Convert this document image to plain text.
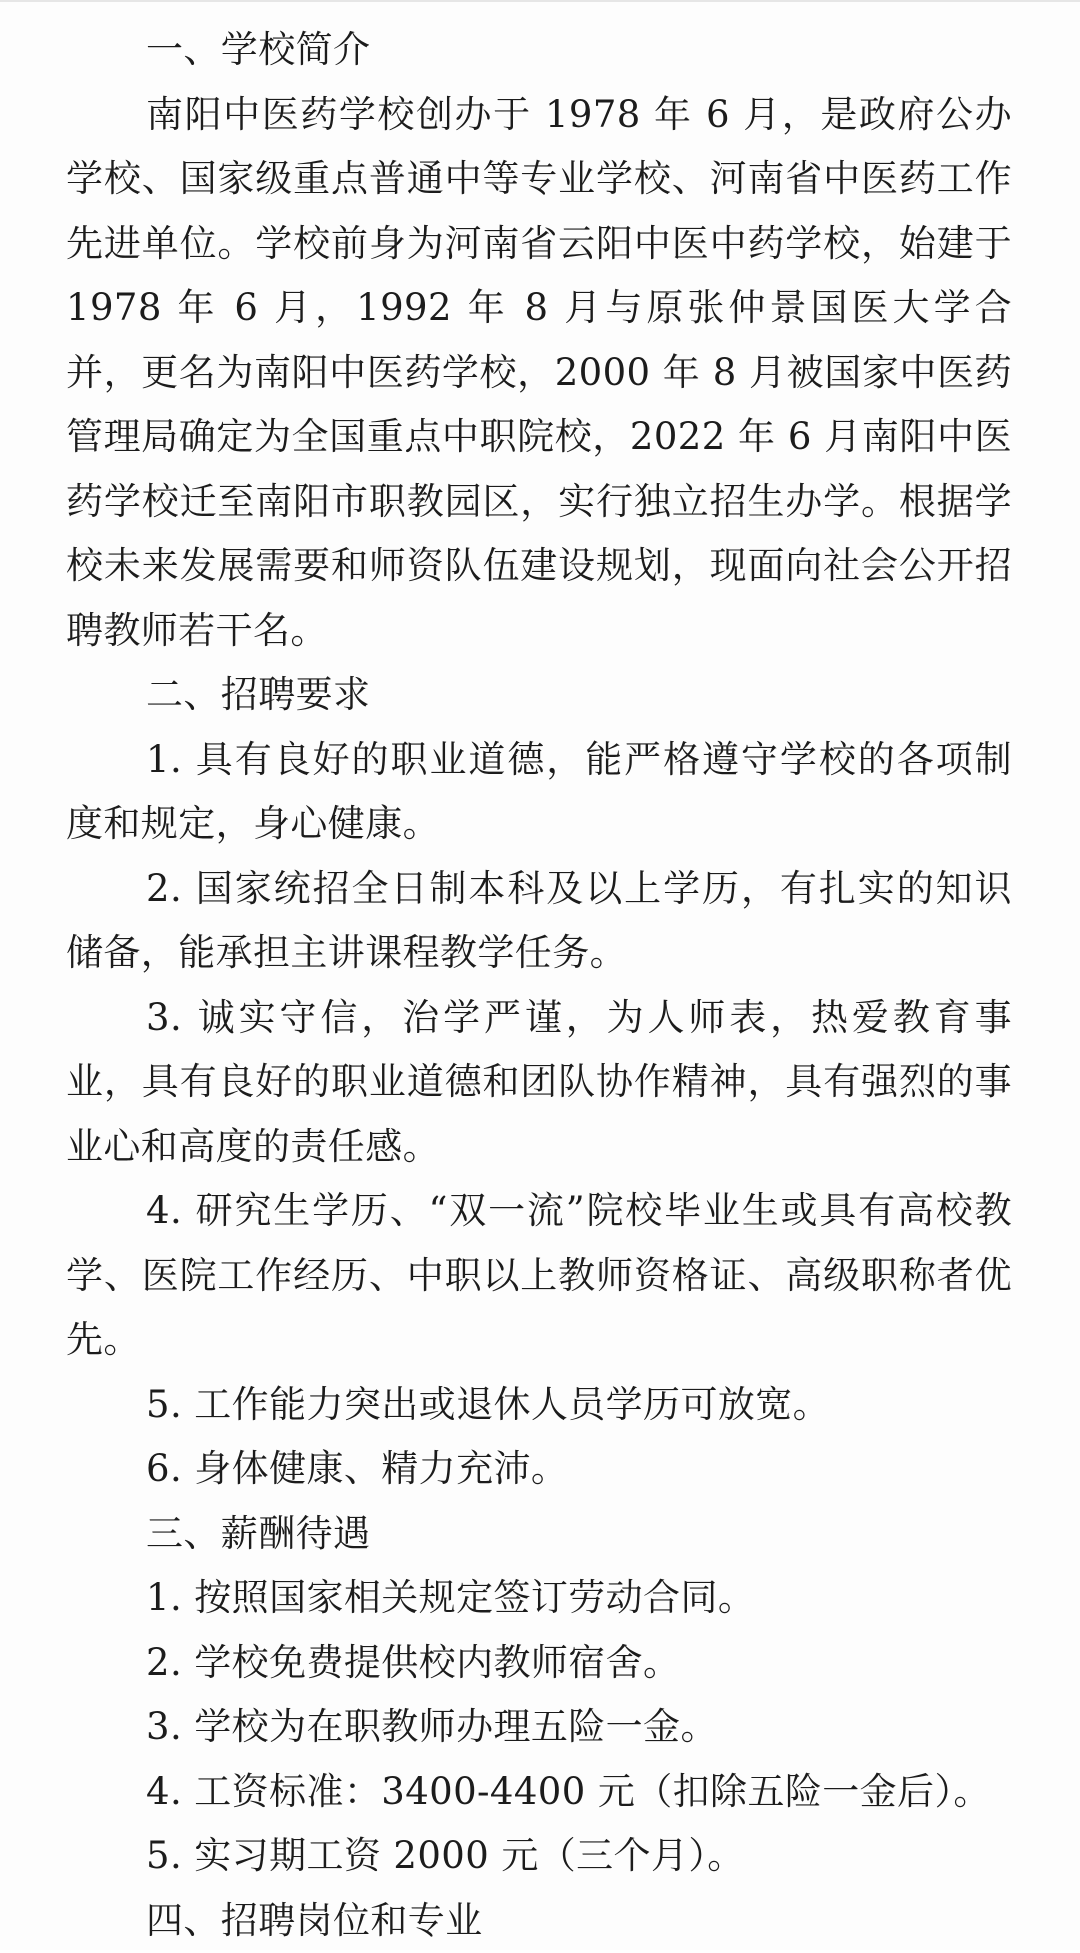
一、学校简介

南阳中医药学校创办于 1978 年 6 月，是政府公办学校、国家级重点普通中等专业学校、河南省中医药工作先进单位。学校前身为河南省云阳中医中药学校，始建于 1978 年 6 月，1992 年 8 月与原张仲景国医大学合并，更名为南阳中医药学校，2000 年 8 月被国家中医药管理局确定为全国重点中职院校，2022 年 6 月南阳中医药学校迁至南阳市职教园区，实行独立招生办学。根据学校未来发展需要和师资队伍建设规划，现面向社会公开招聘教师若干名。

二、招聘要求

1. 具有良好的职业道德，能严格遵守学校的各项制度和规定，身心健康。

2. 国家统招全日制本科及以上学历，有扎实的知识储备，能承担主讲课程教学任务。

3. 诚实守信，治学严谨，为人师表，热爱教育事业，具有良好的职业道德和团队协作精神，具有强烈的事业心和高度的责任感。

4. 研究生学历、“双一流”院校毕业生或具有高校教学、医院工作经历、中职以上教师资格证、高级职称者优先。

5. 工作能力突出或退休人员学历可放宽。

6. 身体健康、精力充沛。

三、薪酬待遇

1. 按照国家相关规定签订劳动合同。

2. 学校免费提供校内教师宿舍。

3. 学校为在职教师办理五险一金。

4. 工资标准：3400-4400 元（扣除五险一金后）。

5. 实习期工资 2000 元（三个月）。

四、招聘岗位和专业
